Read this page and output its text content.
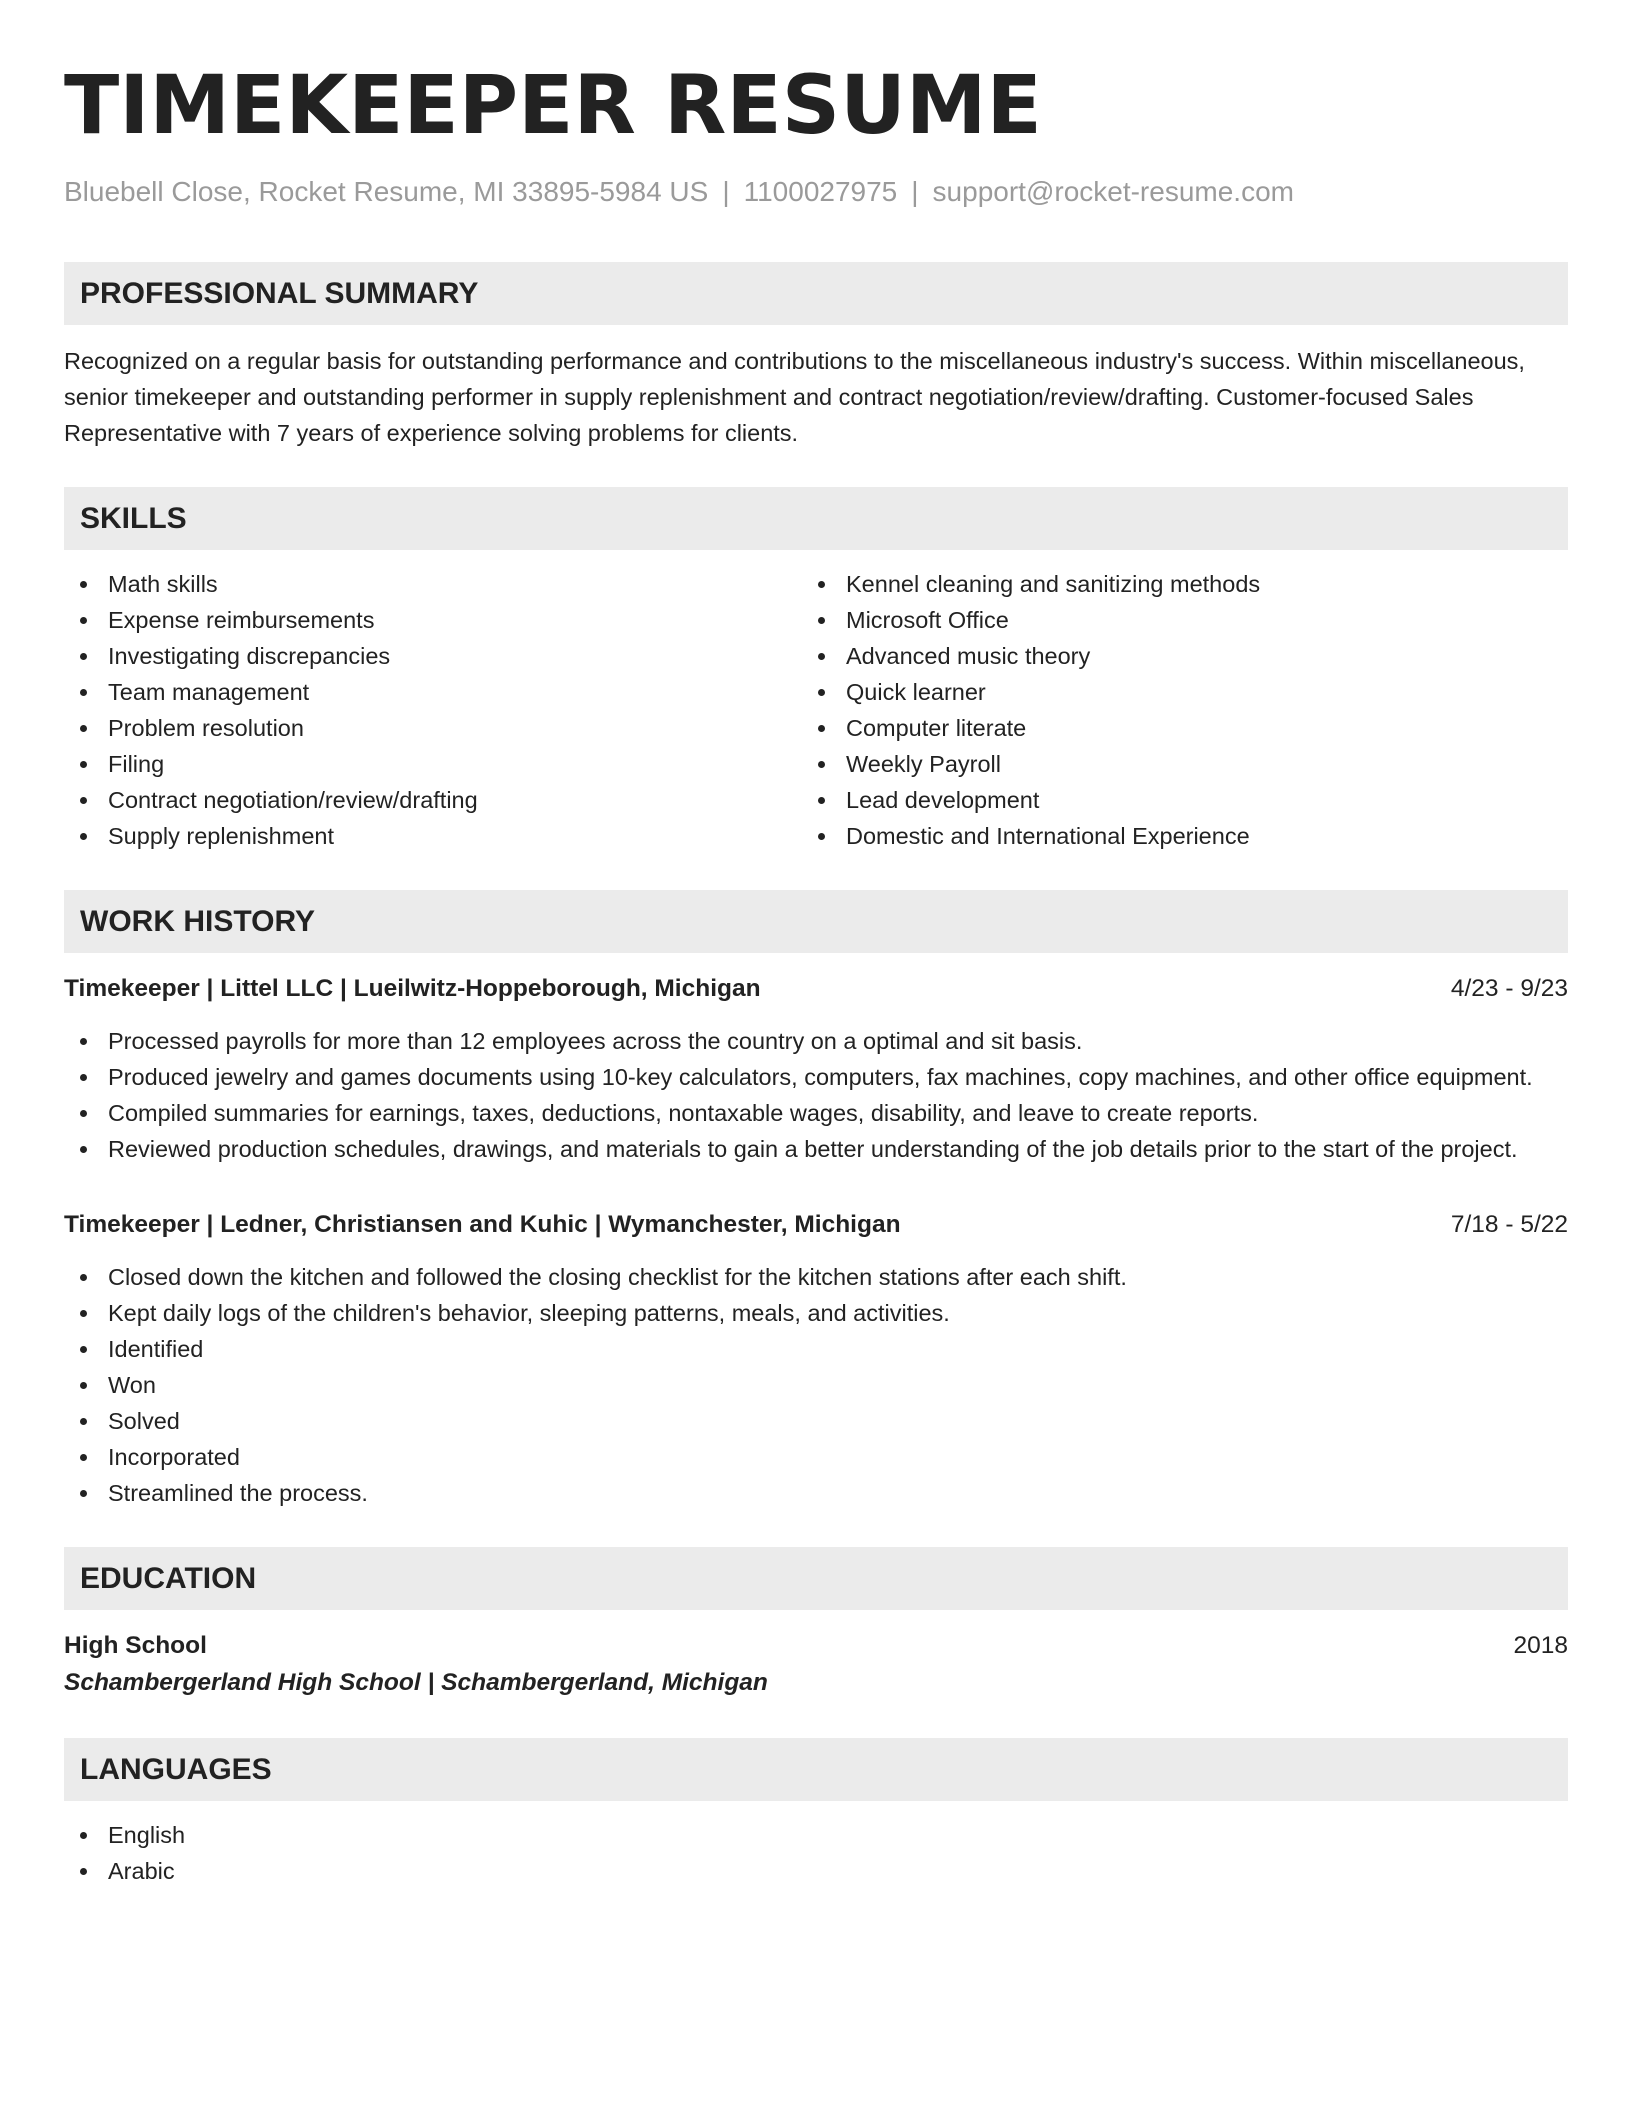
TIMEKEEPER RESUME
Bluebell Close, Rocket Resume, MI 33895-5984 US | 1100027975 | support@rocket-resume.com
PROFESSIONAL SUMMARY

Recognized on a regular basis for outstanding performance and contributions to the miscellaneous industry's success. Within miscellaneous, senior timekeeper and outstanding performer in supply replenishment and contract negotiation/review/drafting. Customer-focused Sales Representative with 7 years of experience solving problems for clients.

SKILLS
Math skills
Expense reimbursements
Investigating discrepancies
Team management
Problem resolution
Filing
Contract negotiation/review/drafting
Supply replenishment
Kennel cleaning and sanitizing methods
Microsoft Office
Advanced music theory
Quick learner
Computer literate
Weekly Payroll
Lead development
Domestic and International Experience
WORK HISTORY
Timekeeper | Littel LLC | Lueilwitz-Hoppeborough, Michigan	4/23 - 9/23
Processed payrolls for more than 12 employees across the country on a optimal and sit basis.
Produced jewelry and games documents using 10-key calculators, computers, fax machines, copy machines, and other office equipment.
Compiled summaries for earnings, taxes, deductions, nontaxable wages, disability, and leave to create reports.
Reviewed production schedules, drawings, and materials to gain a better understanding of the job details prior to the start of the project.
Timekeeper | Ledner, Christiansen and Kuhic | Wymanchester, Michigan	7/18 - 5/22
Closed down the kitchen and followed the closing checklist for the kitchen stations after each shift.
Kept daily logs of the children's behavior, sleeping patterns, meals, and activities.
Identified
Won
Solved
Incorporated
Streamlined the process.
EDUCATION
High School	2018
Schambergerland High School | Schambergerland, Michigan
LANGUAGES
English
Arabic
